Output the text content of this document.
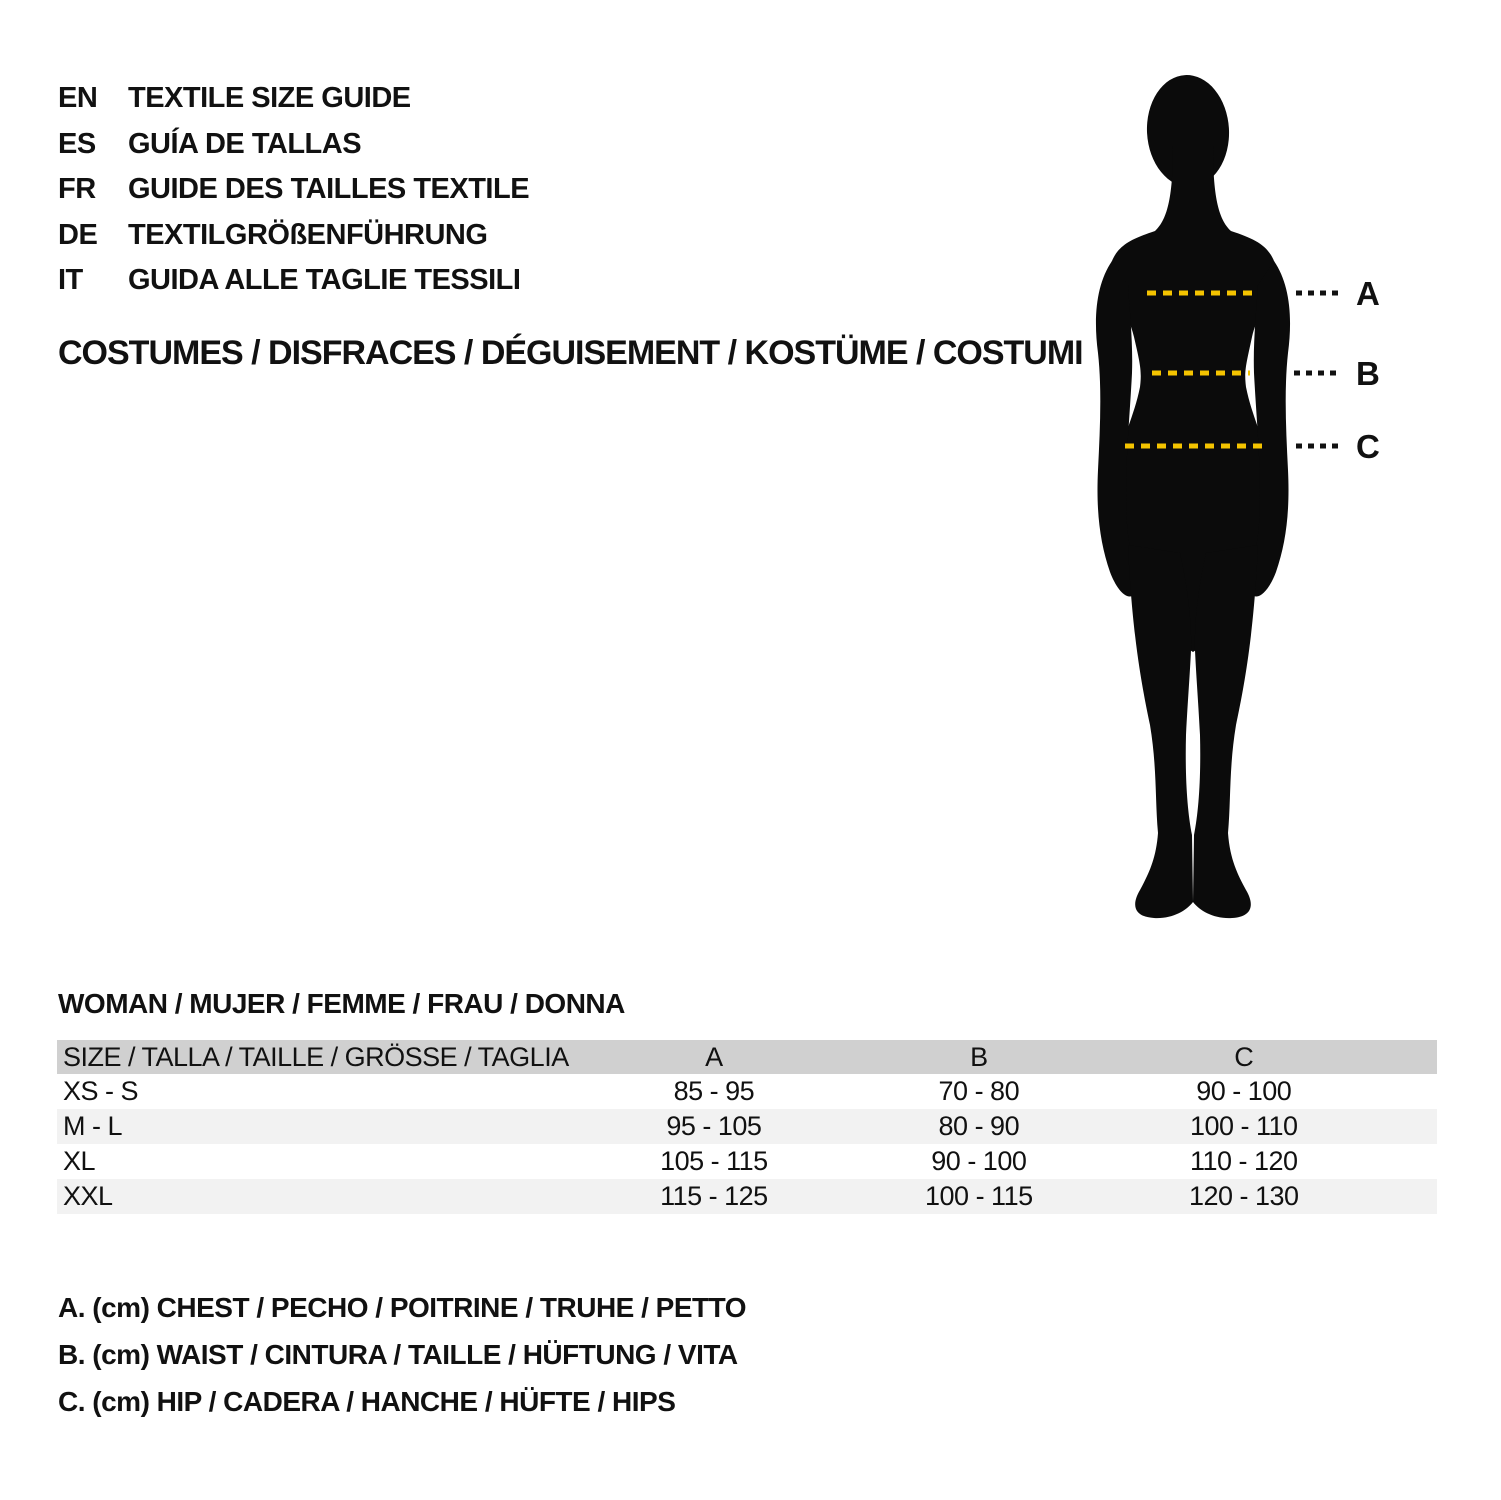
EN	TEXTILE SIZE GUIDE
ES	GUÍA DE TALLAS
FR	GUIDE DES TAILLES TEXTILE
DE	TEXTILGRÖßENFÜHRUNG
IT	GUIDA ALLE TAGLIE TESSILI
COSTUMES / DISFRACES / DÉGUISEMENT / KOSTÜME / COSTUMI
A
B
C
WOMAN / MUJER / FEMME / FRAU / DONNA
SIZE / TALLA / TAILLE / GRÖSSE / TAGLIA	A	B	C	
XS - S	85 - 95	70 - 80	90 - 100	
M - L	95 - 105	80 - 90	100 - 110	
XL	105 - 115	90 - 100	110 - 120	
XXL	115 - 125	100 - 115	120 - 130	

A. (cm) CHEST / PECHO / POITRINE / TRUHE / PETTO

B. (cm) WAIST / CINTURA / TAILLE / HÜFTUNG / VITA

C. (cm) HIP / CADERA / HANCHE / HÜFTE / HIPS
